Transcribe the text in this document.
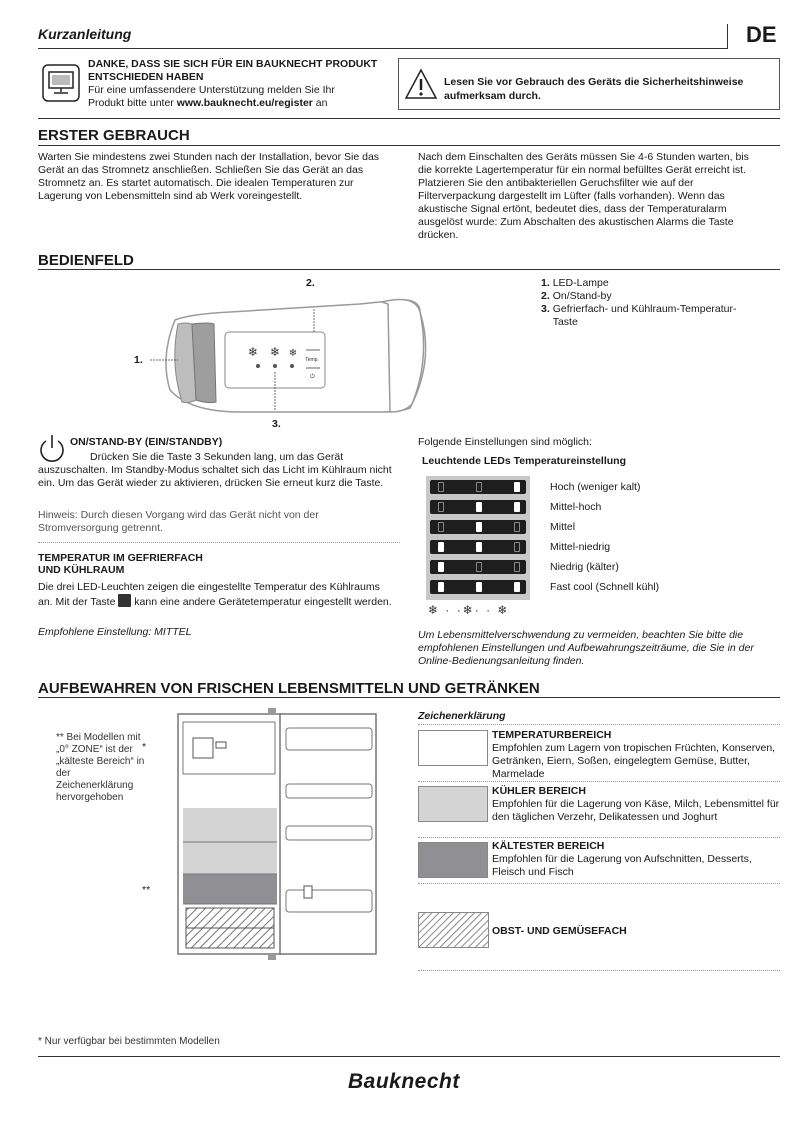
Kurzanleitung	DE
DANKE, DASS SIE SICH FÜR EIN BAUKNECHT PRODUKT ENTSCHIEDEN HABEN
Für eine umfassendere Unterstützung melden Sie Ihr
Produkt bitte unter www.bauknecht.eu/register an
Lesen Sie vor Gebrauch des Geräts die Sicherheitshinweise aufmerksam durch.
ERSTER GEBRAUCH
Warten Sie mindestens zwei Stunden nach der Installation, bevor Sie das Gerät an das Stromnetz anschließen. Schließen Sie das Gerät an das Stromnetz an. Es startet automatisch. Die idealen Temperaturen zur Lagerung von Lebensmitteln sind ab Werk voreingestellt.
Nach dem Einschalten des Geräts müssen Sie 4-6 Stunden warten, bis die korrekte Lagertemperatur für ein normal befülltes Gerät erreicht ist. Platzieren Sie den antibakteriellen Geruchsfilter wie auf der Filterverpackung dargestellt im Lüfter (falls vorhanden). Wenn das akustische Signal ertönt, bedeutet dies, dass der Temperaturalarm ausgelöst wurde: Zum Abschalten des akustischen Alarms die Taste drücken.
BEDIENFELD
❄ ❄ ❄
Temp.
⏻
1.
2.
3.
1. LED-Lampe
2. On/Stand-by
3.
Gefrierfach- und Kühlraum-Temperatur-Taste
ON/STAND-BY (EIN/STANDBY)
Drücken Sie die Taste 3 Sekunden lang, um das Gerät auszuschalten. Im Standby-Modus schaltet sich das Licht im Kühlraum nicht ein. Um das Gerät wieder zu aktivieren, drücken Sie erneut kurz die Taste.
Hinweis: Durch diesen Vorgang wird das Gerät nicht von der Stromversorgung getrennt.
TEMPERATUR IM GEFRIERFACH
UND KÜHLRAUM
Die drei LED-Leuchten zeigen die eingestellte Temperatur des Kühlraums an. Mit der Taste kann eine andere Gerätetemperatur eingestellt werden.
Empfohlene Einstellung: MITTEL
Folgende Einstellungen sind möglich:
Leuchtende LEDs Temperatureinstellung
Hoch (weniger kalt)
Mittel-hoch
Mittel
Mittel-niedrig
Niedrig (kälter)
Fast cool (Schnell kühl)
❄ · ·❄· · ❄
Um Lebensmittelverschwendung zu vermeiden, beachten Sie bitte die empfohlenen Einstellungen und Aufbewahrungszeiträume, die Sie in der Online-Bedienungsanleitung finden.
AUFBEWAHREN VON FRISCHEN LEBENSMITTELN UND GETRÄNKEN
** Bei Modellen mit „0° ZONE“ ist der „kälteste Bereich“ in der Zeichenerklärung hervorgehoben
*
**
Zeichenerklärung
TEMPERATURBEREICH
Empfohlen zum Lagern von tropischen Früchten, Konserven, Getränken, Eiern, Soßen, eingelegtem Gemüse, Butter, Marmelade
KÜHLER BEREICH
Empfohlen für die Lagerung von Käse, Milch, Lebensmittel für den täglichen Verzehr, Delikatessen und Joghurt
KÄLTESTER BEREICH
Empfohlen für die Lagerung von Aufschnitten, Desserts, Fleisch und Fisch
OBST- UND GEMÜSEFACH
* Nur verfügbar bei bestimmten Modellen
Bauknecht
